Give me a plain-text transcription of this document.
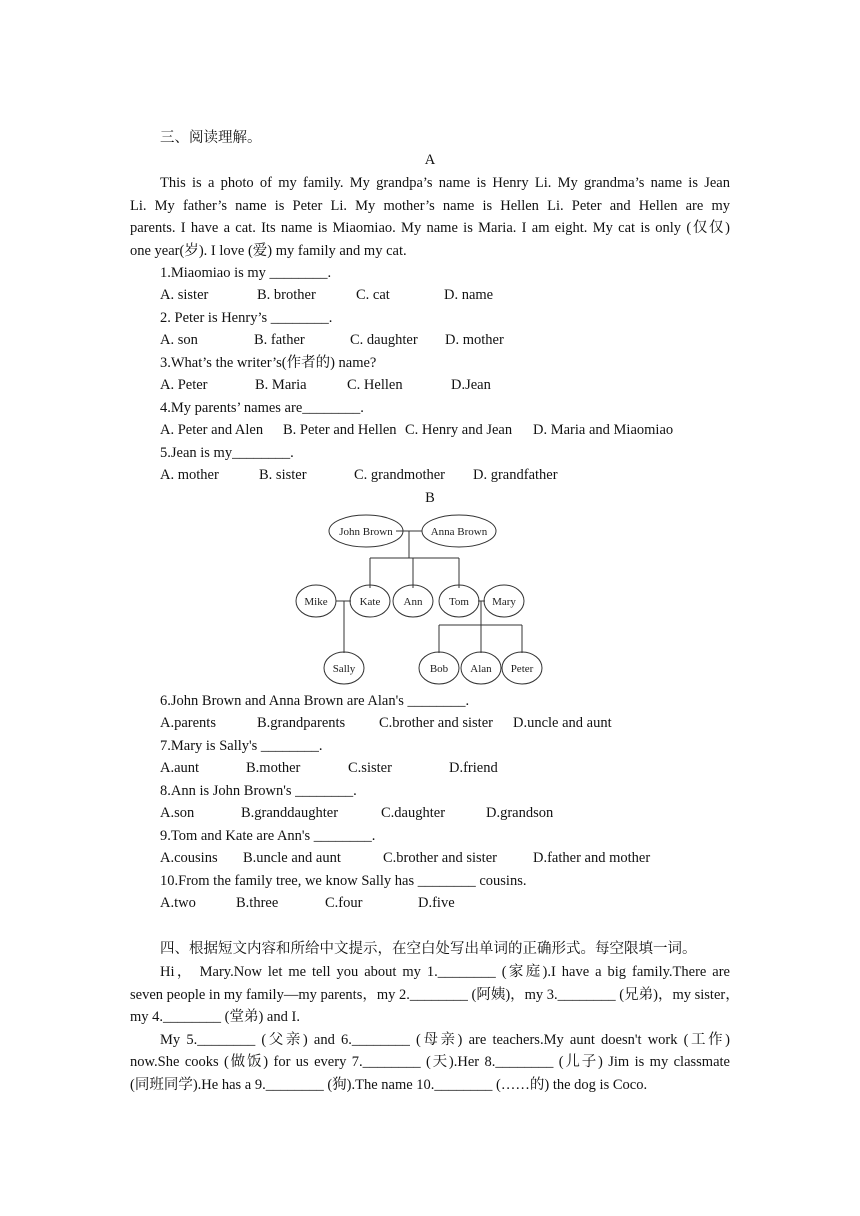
三、阅读理解。
A
This is a photo of my family. My grandpa’s name is Henry Li. My grandma’s name is Jean
Li. My father’s name is Peter Li. My mother’s name is Hellen Li. Peter and Hellen are my
parents. I have a cat. Its name is Miaomiao. My name is Maria. I am eight. My cat is only (仅仅)
one year(岁). I love (爱) my family and my cat.
1.Miaomiao is my ________.
A. sister	B. brother	C. cat	D. name
2. Peter is Henry’s ________.
A. son	B. father	C. daughter D. mother
3.What’s the writer’s(作者的) name?
A. Peter	B. Maria	C. Hellen	D.Jean
4.My parents’ names are________.
A. Peter and Alen B. Peter and Hellen C. Henry and Jean D. Maria and Miaomiao
5.Jean is my________.
A. mother	B. sister	C. grandmother D. grandfather
B
John Brown	Anna Brown
Mike	Kate Ann Tom Mary
Sally	Bob Alan Peter
6.John Brown and Anna Brown are Alan's ________.
A.parents	B.grandparents C.brother and sister D.uncle and aunt
7.Mary is Sally's ________.
A.aunt	B.mother	C.sister	D.friend
8.Ann is John Brown's ________.
A.son	B.granddaughter	C.daughter	D.grandson
9.Tom and Kate are Ann's ________.
A.cousins B.uncle and aunt	C.brother and sister D.father and mother
10.From the family tree, we know Sally has ________ cousins.
A.two	B.three	C.four	D.five
四、根据短文内容和所给中文提示，在空白处写出单词的正确形式。每空限填一词。
Hi， Mary.Now let me tell you about my 1.________ (家庭).I have a big family.There are
seven people in my family—my parents，my 2.________ (阿姨)，my 3.________ (兄弟)，my sister，
my 4.________ (堂弟) and I.
My 5.________ (父亲) and 6.________ (母亲) are teachers.My aunt doesn't work (工作)
now.She cooks (做饭) for us every 7.________ (天).Her 8.________ (儿子) Jim is my classmate
(同班同学).He has a 9.________ (狗).The name 10.________ (……的) the dog is Coco.
